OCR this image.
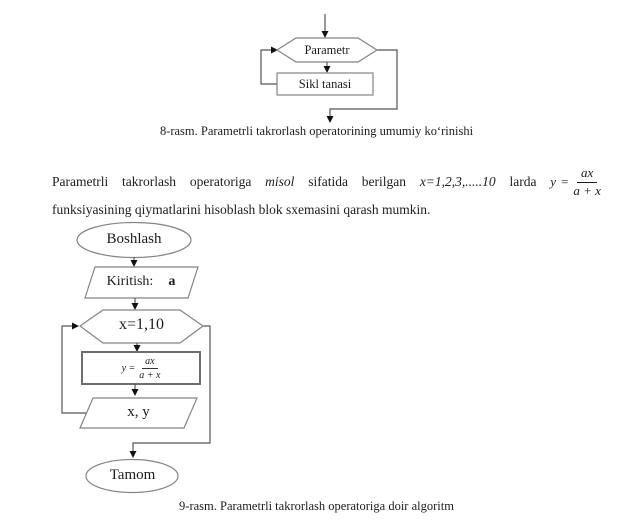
Parametr
Sikl tanasi
8-rasm. Parametrli takrorlash operatorining umumiy ko‘rinishi
Parametrli takrorlash operatoriga misol sifatida berilgan x=1,2,3,.....10 larda $y = \frac{ax}{a + x}$
funksiyasining qiymatlarini hisoblash blok sxemasini qarash mumkin.
Boshlash
Kiritish: a
x=1,10
$y = \frac{ax}{a + x}$
x, y
Tamom
9-rasm. Parametrli takrorlash operatoriga doir algoritm
